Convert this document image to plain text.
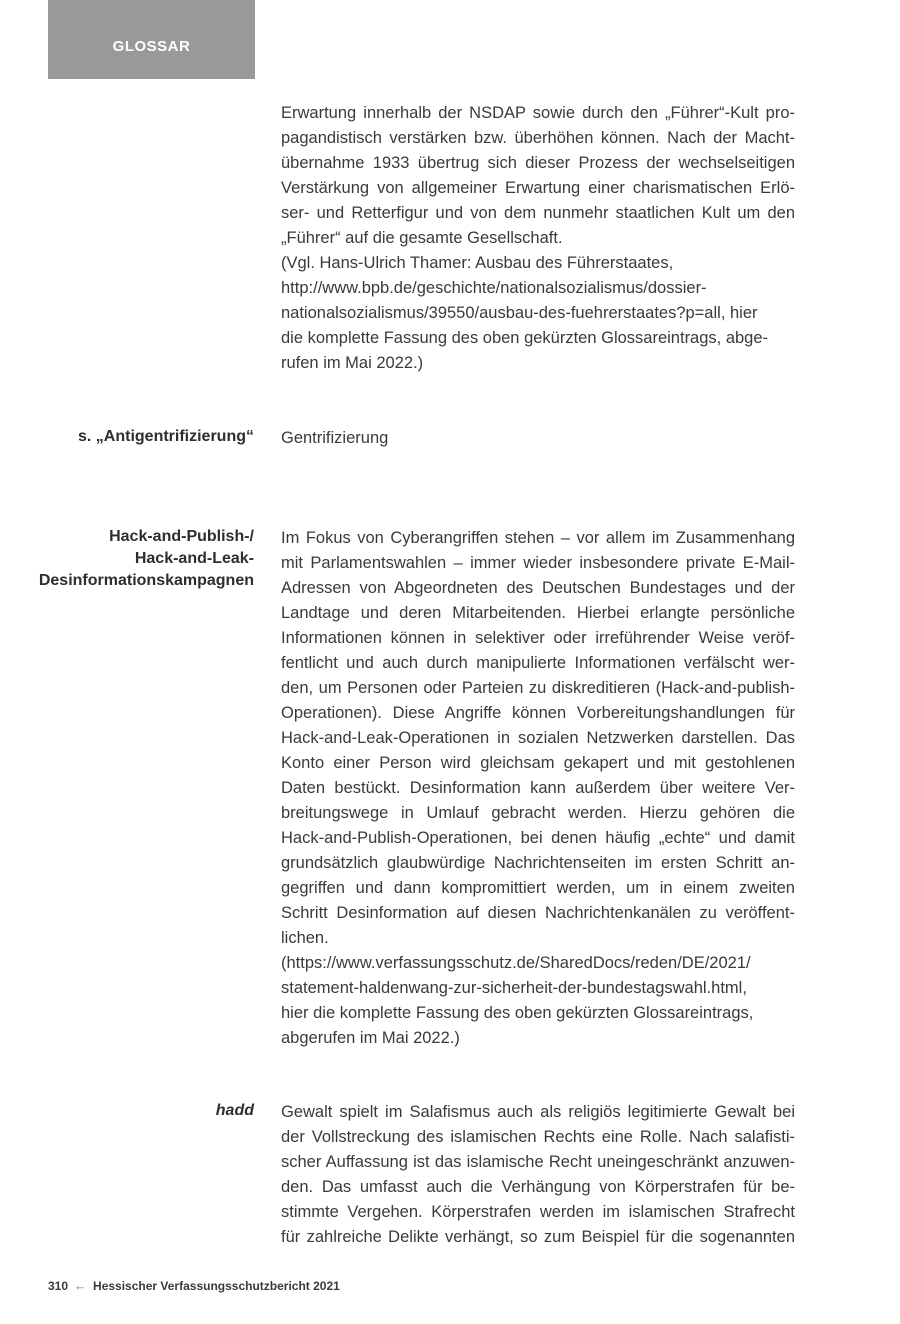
GLOSSAR
Erwartung innerhalb der NSDAP sowie durch den „Führer“-Kult pro-
pagandistisch verstärken bzw. überhöhen können. Nach der Macht-
übernahme 1933 übertrug sich dieser Prozess der wechselseitigen
Verstärkung von allgemeiner Erwartung einer charismatischen Erlö-
ser- und Retterfigur und von dem nunmehr staatlichen Kult um den
„Führer“ auf die gesamte Gesellschaft.
(Vgl. Hans-Ulrich Thamer: Ausbau des Führerstaates,
http://www.bpb.de/geschichte/nationalsozialismus/dossier-
nationalsozialismus/39550/ausbau-des-fuehrerstaates?p=all, hier
die komplette Fassung des oben gekürzten Glossareintrags, abge-
rufen im Mai 2022.)
s. „Antigentrifizierung“ Gentrifizierung
Hack-and-Publish-/
Hack-and-Leak-
Desinformationskampagnen
Im Fokus von Cyberangriffen stehen – vor allem im Zusammenhang
mit Parlamentswahlen – immer wieder insbesondere private E-Mail-
Adressen von Abgeordneten des Deutschen Bundestages und der
Landtage und deren Mitarbeitenden. Hierbei erlangte persönliche
Informationen können in selektiver oder irreführender Weise veröf-
fentlicht und auch durch manipulierte Informationen verfälscht wer-
den, um Personen oder Parteien zu diskreditieren (Hack-and-publish-
Operationen). Diese Angriffe können Vorbereitungshandlungen für
Hack-and-Leak-Operationen in sozialen Netzwerken darstellen. Das
Konto einer Person wird gleichsam gekapert und mit gestohlenen
Daten bestückt. Desinformation kann außerdem über weitere Ver-
breitungswege in Umlauf gebracht werden. Hierzu gehören die
Hack-and-Publish-Operationen, bei denen häufig „echte“ und damit
grundsätzlich glaubwürdige Nachrichtenseiten im ersten Schritt an-
gegriffen und dann kompromittiert werden, um in einem zweiten
Schritt Desinformation auf diesen Nachrichtenkanälen zu veröffent-
lichen.
(https://www.verfassungsschutz.de/SharedDocs/reden/DE/2021/
statement-haldenwang-zur-sicherheit-der-bundestagswahl.html,
hier die komplette Fassung des oben gekürzten Glossareintrags,
abgerufen im Mai 2022.)
hadd Gewalt spielt im Salafismus auch als religiös legitimierte Gewalt bei
der Vollstreckung des islamischen Rechts eine Rolle. Nach salafisti-
scher Auffassung ist das islamische Recht uneingeschränkt anzuwen-
den. Das umfasst auch die Verhängung von Körperstrafen für be-
stimmte Vergehen. Körperstrafen werden im islamischen Strafrecht
für zahlreiche Delikte verhängt, so zum Beispiel für die sogenannten
310 ← Hessischer Verfassungsschutzbericht 2021
